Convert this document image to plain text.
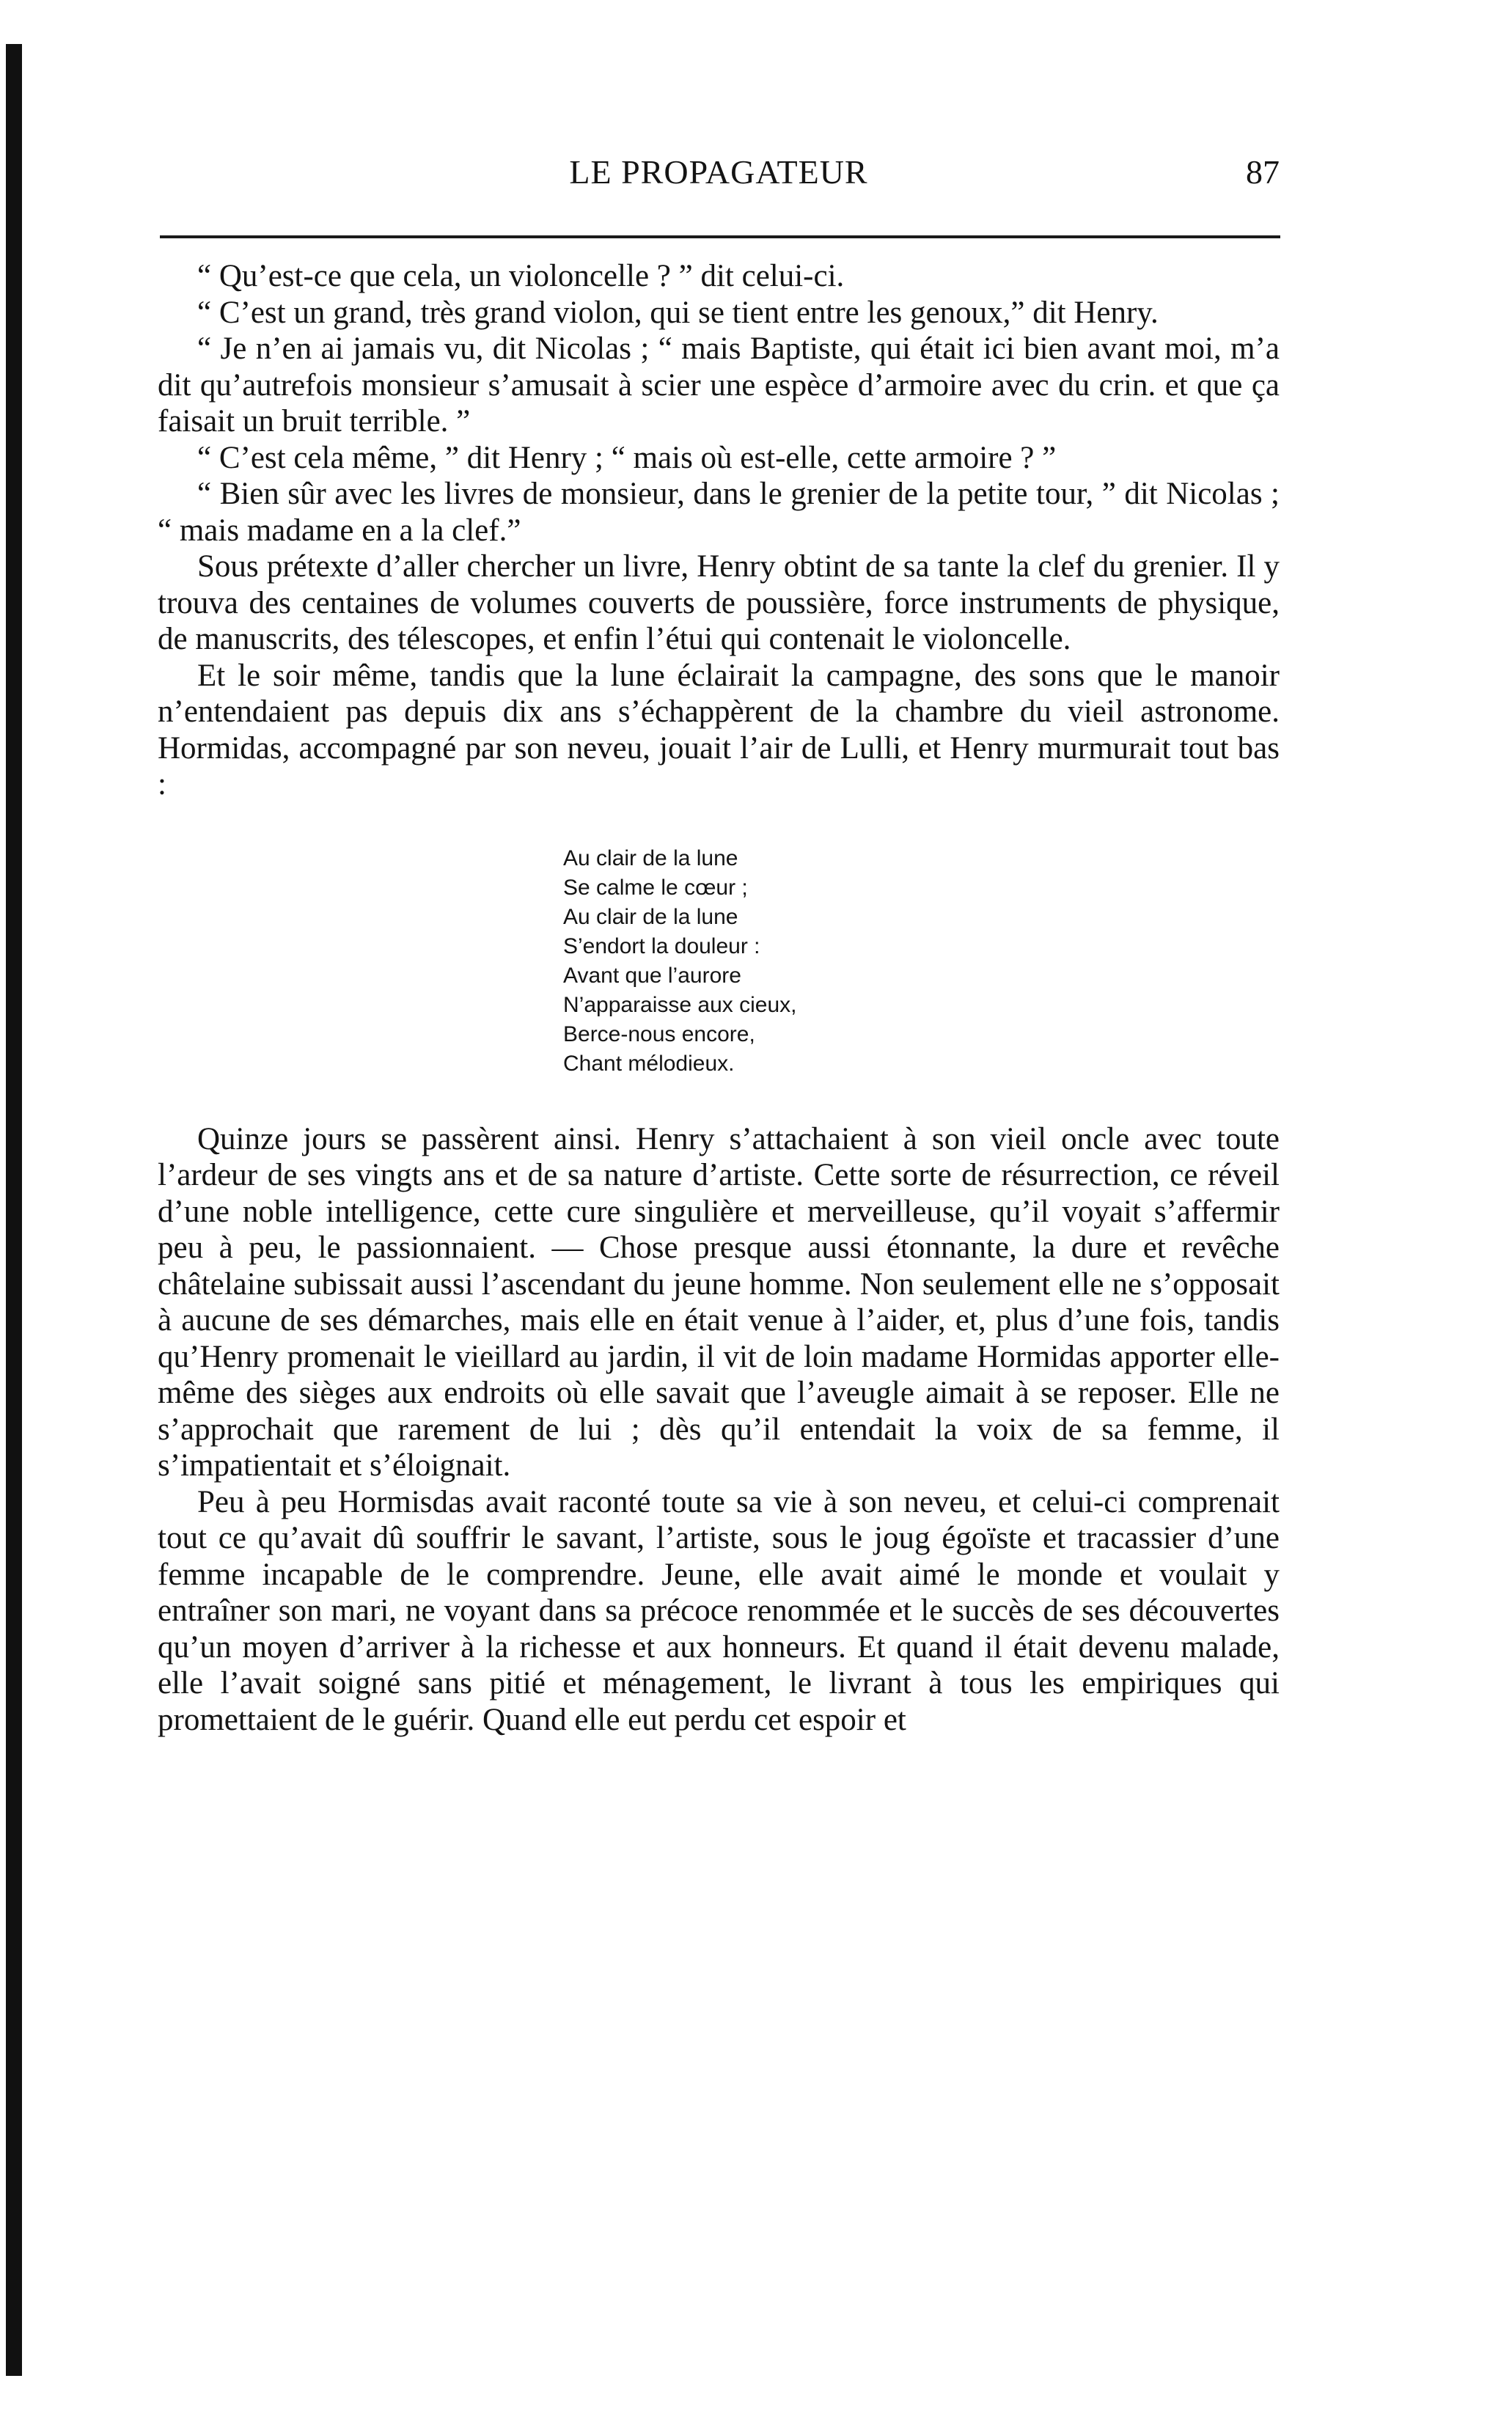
LE PROPAGATEUR	87

“ Qu’est-ce que cela, un violoncelle ? ” dit celui-ci.

“ C’est un grand, très grand violon, qui se tient entre les genoux,” dit Henry.

“ Je n’en ai jamais vu, dit Nicolas ; “ mais Baptiste, qui était ici bien avant moi, m’a dit qu’autrefois monsieur s’amusait à scier une espèce d’armoire avec du crin. et que ça faisait un bruit terrible. ”

“ C’est cela même, ” dit Henry ; “ mais où est-elle, cette armoire ? ”

“ Bien sûr avec les livres de monsieur, dans le grenier de la petite tour, ” dit Nicolas ; “ mais madame en a la clef.”

Sous prétexte d’aller chercher un livre, Henry obtint de sa tante la clef du grenier. Il y trouva des centaines de volumes couverts de poussière, force instruments de physique, de manuscrits, des télescopes, et enfin l’étui qui contenait le violoncelle.

Et le soir même, tandis que la lune éclairait la campagne, des sons que le manoir n’entendaient pas depuis dix ans s’échappèrent de la chambre du vieil astronome. Hormidas, accompagné par son neveu, jouait l’air de Lulli, et Henry murmurait tout bas :

Au clair de la lune
Se calme le cœur ;
Au clair de la lune
S’endort la douleur :
Avant que l’aurore
N’apparaisse aux cieux,
Berce-nous encore,
Chant mélodieux.

Quinze jours se passèrent ainsi. Henry s’attachaient à son vieil oncle avec toute l’ardeur de ses vingts ans et de sa nature d’artiste. Cette sorte de résurrection, ce réveil d’une noble intelligence, cette cure singulière et merveilleuse, qu’il voyait s’affermir peu à peu, le passionnaient. — Chose presque aussi étonnante, la dure et revêche châtelaine subissait aussi l’ascendant du jeune homme. Non seulement elle ne s’opposait à aucune de ses démarches, mais elle en était venue à l’aider, et, plus d’une fois, tandis qu’Henry promenait le vieillard au jardin, il vit de loin madame Hormidas apporter elle-même des sièges aux endroits où elle savait que l’aveugle aimait à se reposer. Elle ne s’approchait que rarement de lui ; dès qu’il entendait la voix de sa femme, il s’impatientait et s’éloignait.

Peu à peu Hormisdas avait raconté toute sa vie à son neveu, et celui-ci comprenait tout ce qu’avait dû souffrir le savant, l’artiste, sous le joug égoïste et tracassier d’une femme incapable de le comprendre. Jeune, elle avait aimé le monde et voulait y entraîner son mari, ne voyant dans sa précoce renommée et le succès de ses découvertes qu’un moyen d’arriver à la richesse et aux honneurs. Et quand il était devenu malade, elle l’avait soigné sans pitié et ménagement, le livrant à tous les empiriques qui promettaient de le guérir. Quand elle eut perdu cet espoir et
